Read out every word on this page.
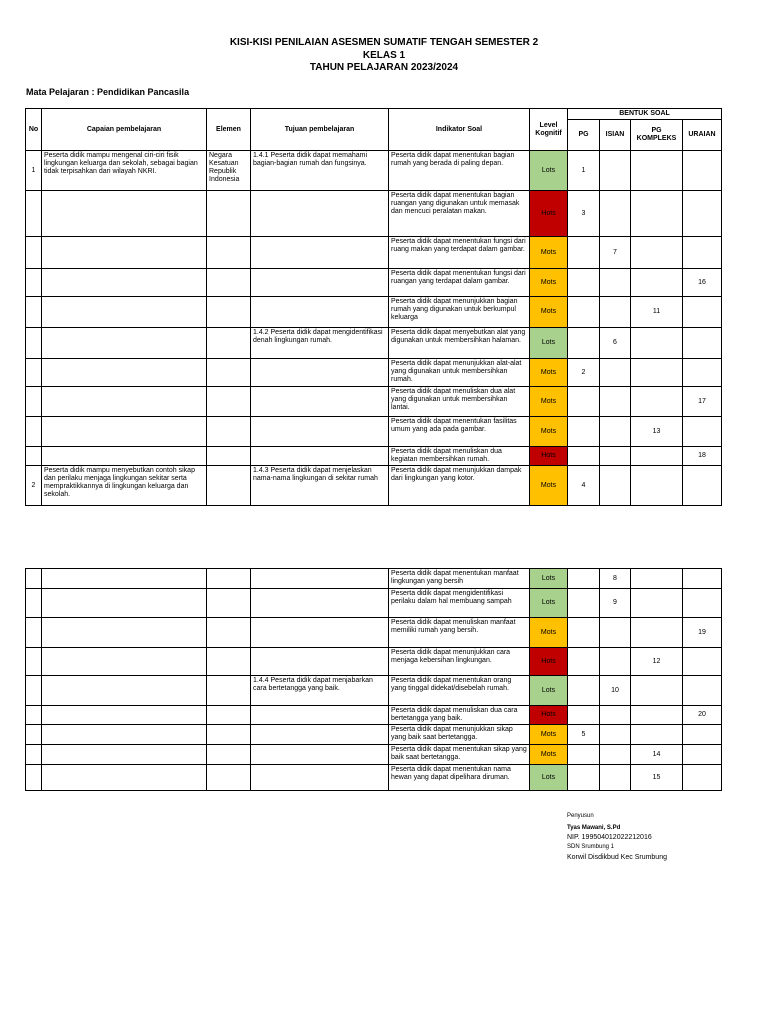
KISI-KISI PENILAIAN ASESMEN SUMATIF TENGAH SEMESTER 2
KELAS 1
TAHUN PELAJARAN 2023/2024
Mata Pelajaran : Pendidikan Pancasila
No	Capaian pembelajaran	Elemen	Tujuan pembelajaran	Indikator Soal	Level Kognitif	BENTUK SOAL			
						PG	ISIAN	PG KOMPLEKS	URAIAN
1	Peserta didik mampu mengenal ciri-ciri fisik lingkungan keluarga dan sekolah, sebagai bagian tidak terpisahkan dari wilayah NKRI.	Negara Kesatuan Republik Indonesia	1.4.1 Peserta didik dapat memahami bagian-bagian rumah dan fungsinya.	Peserta didik dapat menentukan bagian rumah yang berada di paling depan.	Lots	1			
				Peserta didik dapat menentukan bagian ruangan yang digunakan untuk memasak dan mencuci peralatan makan.	Hots	3			
				Peserta didik dapat menentukan fungsi dari ruang makan yang terdapat dalam gambar.	Mots		7		
				Peserta didik dapat menentukan fungsi dari ruangan yang terdapat dalam gambar.	Mots				16
				Peserta didik dapat menunjukkan bagian rumah yang digunakan untuk berkumpul keluarga	Mots			11	
			1.4.2 Peserta didik dapat mengidentifikasi denah lingkungan rumah.	Peserta didik dapat menyebutkan alat yang digunakan untuk membersihkan halaman.	Lots		6		
				Peserta didik dapat menunjukkan alat-alat yang digunakan untuk membersihkan rumah.	Mots	2			
				Peserta didik dapat menuliskan dua alat yang digunakan untuk membersihkan lantai.	Mots				17
				Peserta didik dapat menentukan fasilitas umum yang ada pada gambar.	Mots			13	
				Peserta didik dapat menuliskan dua kegiatan membersihkan rumah.	Hots				18
2	Peserta didik mampu menyebutkan contoh sikap dan perilaku menjaga lingkungan sekitar serta mempraktikkannya di lingkungan keluarga dan sekolah.		1.4.3 Peserta didik dapat menjelaskan nama-nama lingkungan di sekitar rumah	Peserta didik dapat menunjukkan dampak dari lingkungan yang kotor.	Mots	4			
				Peserta didik dapat menentukan manfaat lingkungan yang bersih	Lots		8		
				Peserta didik dapat mengidentifikasi perilaku dalam hal membuang sampah	Lots		9		
				Peserta didik dapat menuliskan manfaat memiliki rumah yang bersih.	Mots				19
				Peserta didik dapat menunjukkan cara menjaga kebersihan lingkungan.	Hots			12	
			1.4.4 Peserta didik dapat menjabarkan cara bertetangga yang baik.	Peserta didik dapat menentukan orang yang tinggal didekat/disebelah rumah.	Lots		10		
				Peserta didik dapat menuliskan dua cara bertetangga yang baik.	Hots				20
				Peserta didik dapat menunjukkan sikap yang baik saat bertetangga.	Mots	5			
				Peserta didik dapat menentukan sikap yang baik saat bertetangga.	Mots			14	
				Peserta didik dapat menentukan nama hewan yang dapat dipelihara diruman.	Lots			15	
Penyusun
Tyas Mawani, S.Pd
NIP. 199504012022212016
SDN Srumbung 1
Korwil Disdikbud Kec Srumbung
